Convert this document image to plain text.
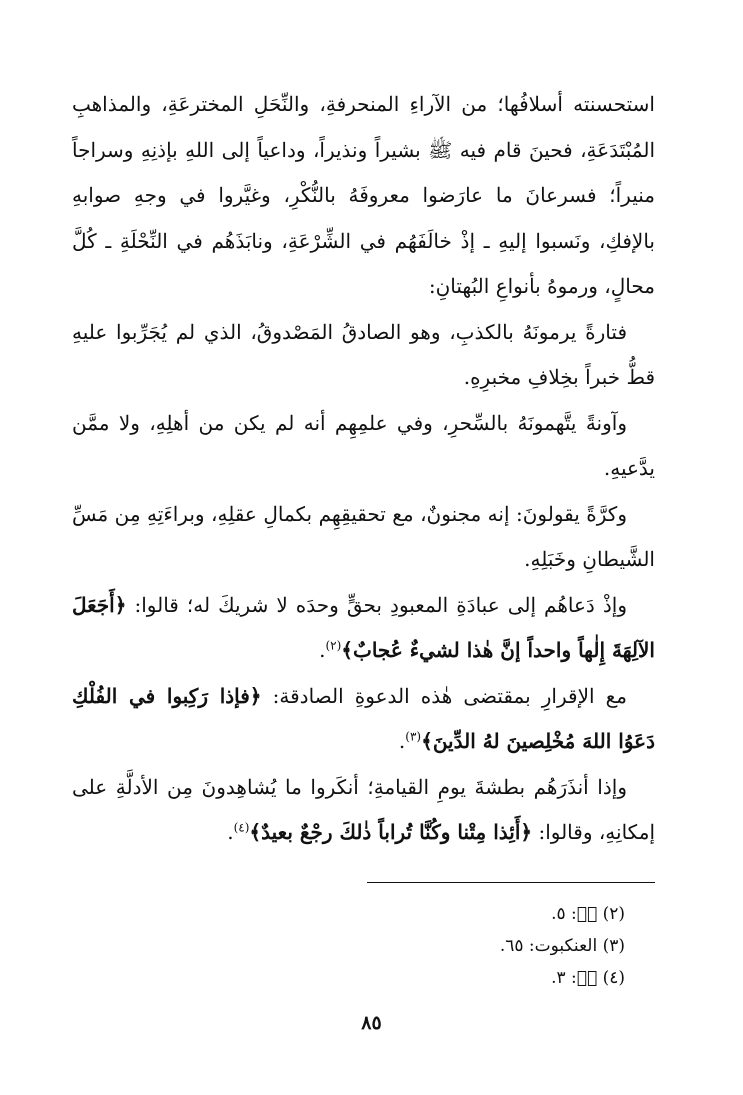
استحسنته أسلافُها؛ من الآراءِ المنحرفةِ، والنِّحَلِ المخترعَةِ، والمذاهبِ المُبْتَدَعَةِ، فحينَ قام فيه ﷺ بشيراً ونذيراً، وداعياً إلى اللهِ بإذنِهِ وسراجاً منيراً؛ فسرعانَ ما عارَضوا معروفَهُ بالنُّكْرِ، وغيَّروا في وجهِ صوابهِ بالإفكِ، ونَسبوا إليهِ ـ إذْ خالَفَهُم في الشِّرْعَةِ، ونابَذَهُم في النِّحْلَةِ ـ كُلَّ محالٍ، ورموهُ بأنواعِ البُهتانِ:

فتارةً يرمونَهُ بالكذبِ، وهو الصادقُ المَصْدوقُ، الذي لم يُجَرِّبوا عليهِ قطُّ خبراً بخِلافِ مخبرِهِ.

وآونةً يتَّهمونَهُ بالسِّحرِ، وفي علمِهِم أنه لم يكن من أهلِهِ، ولا ممَّن يدَّعيهِ.

وكرَّةً يقولونَ: إنه مجنونٌ، مع تحقيقِهِم بكمالِ عقلِهِ، وبراءَتِهِ مِن مَسِّ الشَّيطانِ وخَبَلِهِ.

وإذْ دَعاهُم إلى عبادَةِ المعبودِ بحقٍّ وحدَه لا شريكَ له؛ قالوا: ﴿أَجَعَلَ الآلِهَةَ إِلٰهاً واحداً إنَّ هٰذا لشيءٌ عُجابٌ﴾$^{(٢)}$.

مع الإقرارِ بمقتضى هٰذه الدعوةِ الصادقة: ﴿فإذا رَكِبوا في الفُلْكِ دَعَوُا اللهَ مُخْلِصينَ لهُ الدِّينَ﴾$^{(٣)}$.

وإذا أنذَرَهُم بطشةَ يومِ القيامةِ؛ أنكَروا ما يُشاهِدونَ مِن الأدلَّةِ على إمكانِهِ، وقالوا: ﴿أَئِذا مِتْنا وكُنَّا تُراباً ذٰلكَ رجْعٌ بعيدٌ﴾$^{(٤)}$.

(٢) صۤ: ٥.
(٣) العنكبوت: ٦٥.
(٤) قۤ: ٣.
٨٥
